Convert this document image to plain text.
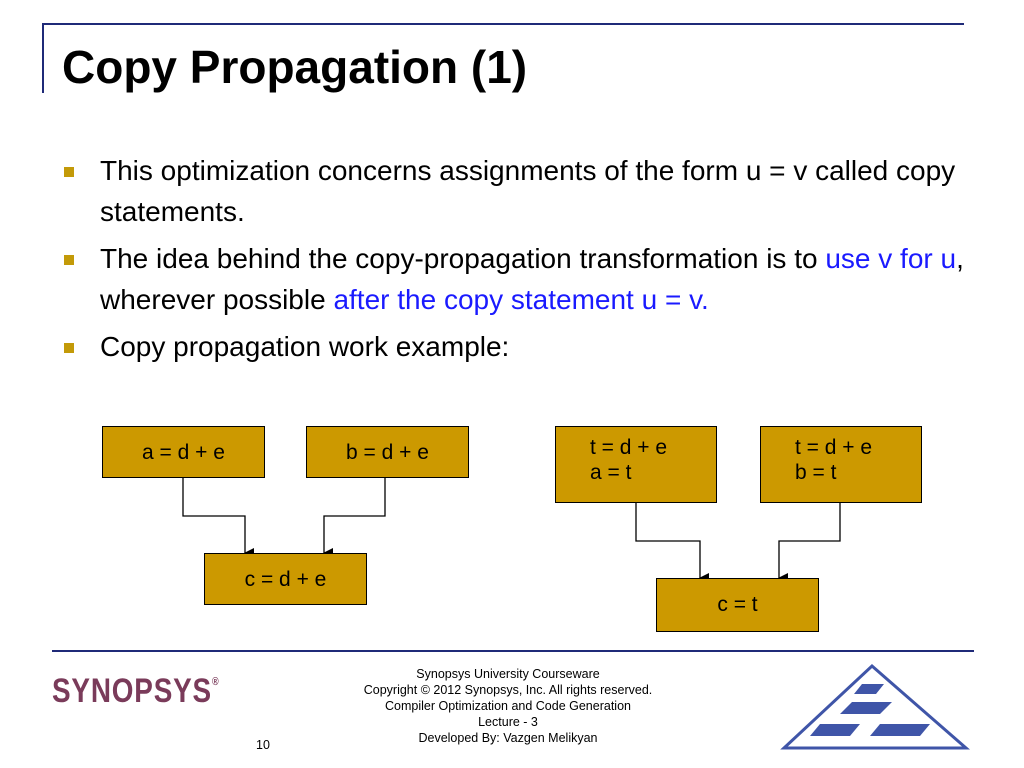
Copy Propagation (1)
This optimization concerns assignments of the form u = v called copy statements.
The idea behind the copy-propagation transformation is to use v for u, wherever possible after the copy statement u = v.
Copy propagation work example:
a = d + e	b = d + e
c = d + e
t = d + e
a = t
t = d + e
b = t
c = t
SYNOPSYS®
Synopsys University Courseware
Copyright © 2012 Synopsys, Inc. All rights reserved.
Compiler Optimization and Code Generation
Lecture - 3
Developed By: Vazgen Melikyan
10
